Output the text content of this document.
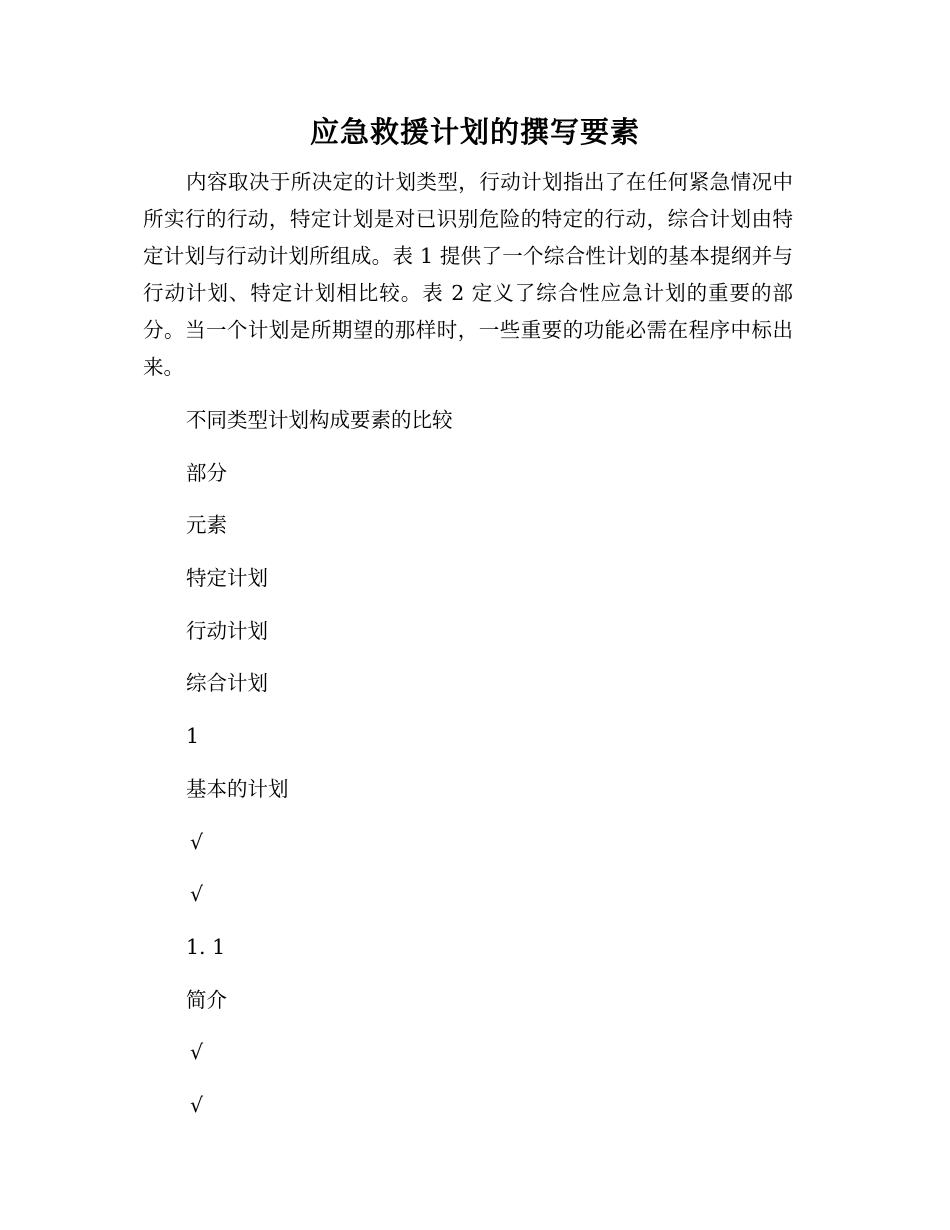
应急救援计划的撰写要素

内容取决于所决定的计划类型，行动计划指出了在任何紧急情况中所实行的行动，特定计划是对已识别危险的特定的行动，综合计划由特定计划与行动计划所组成。表 1 提供了一个综合性计划的基本提纲并与行动计划、特定计划相比较。表 2 定义了综合性应急计划的重要的部分。当一个计划是所期望的那样时，一些重要的功能必需在程序中标出来。

不同类型计划构成要素的比较
部分
元素
特定计划
行动计划
综合计划
1
基本的计划
√
√
1. 1
简介
√
√
